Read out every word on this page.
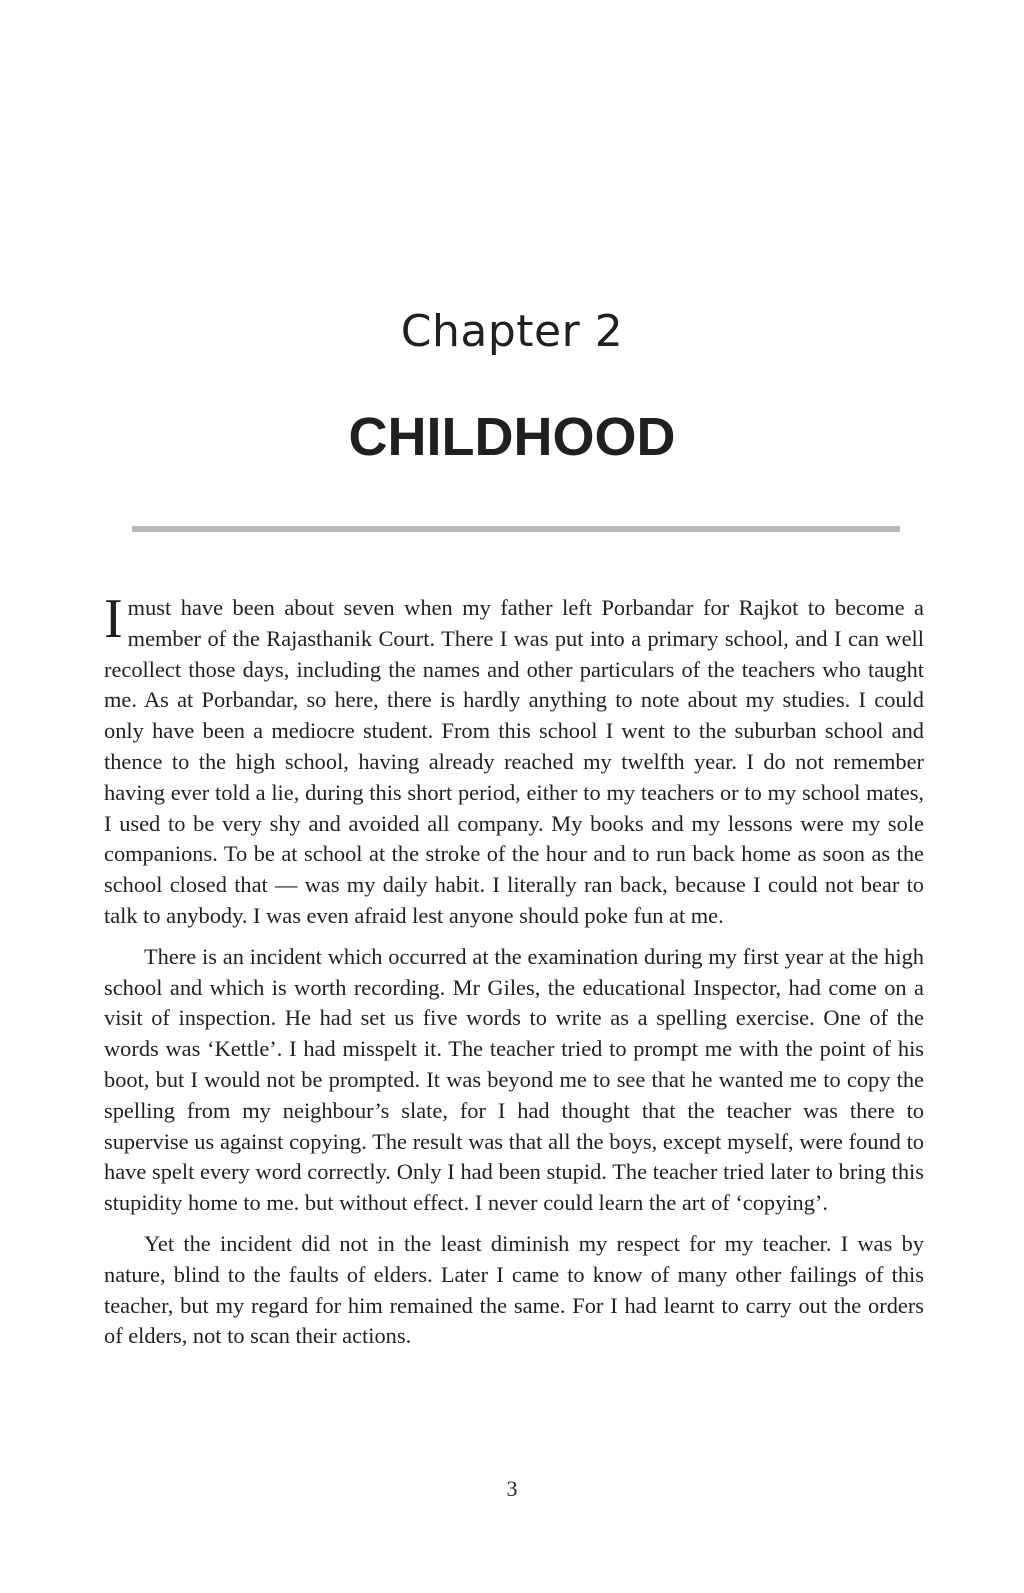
Chapter 2
CHILDHOOD

Imust have been about seven when my father left Porbandar for Rajkot to become a member of the Rajasthanik Court. There I was put into a primary school, and I can well recollect those days, including the names and other particulars of the teachers who taught me. As at Porbandar, so here, there is hardly anything to note about my studies. I could only have been a mediocre student. From this school I went to the suburban school and thence to the high school, having already reached my twelfth year. I do not remember having ever told a lie, during this short period, either to my teachers or to my school mates, I used to be very shy and avoided all company. My books and my lessons were my sole companions. To be at school at the stroke of the hour and to run back home as soon as the school closed that — was my daily habit. I literally ran back, because I could not bear to talk to anybody. I was even afraid lest anyone should poke fun at me.

There is an incident which occurred at the examination during my first year at the high school and which is worth recording. Mr Giles, the educational Inspector, had come on a visit of inspection. He had set us five words to write as a spelling exercise. One of the words was ‘Kettle’. I had misspelt it. The teacher tried to prompt me with the point of his boot, but I would not be prompted. It was beyond me to see that he wanted me to copy the spelling from my neighbour’s slate, for I had thought that the teacher was there to supervise us against copying. The result was that all the boys, except myself, were found to have spelt every word correctly. Only I had been stupid. The teacher tried later to bring this stupidity home to me. but without effect. I never could learn the art of ‘copying’.

Yet the incident did not in the least diminish my respect for my teacher. I was by nature, blind to the faults of elders. Later I came to know of many other failings of this teacher, but my regard for him remained the same. For I had learnt to carry out the orders of elders, not to scan their actions.

3
